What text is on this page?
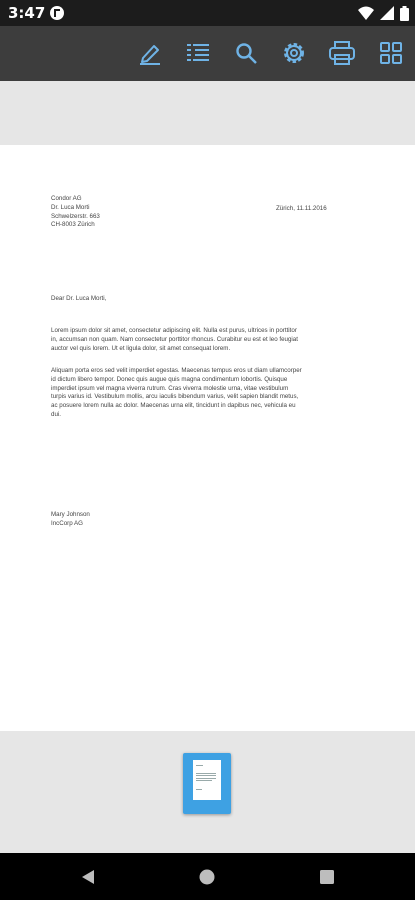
3:47
Condor AG
Dr. Luca Morti
Schwelzerstr. 663
CH-8003 Zürich
Zürich, 11.11.2016
Dear Dr. Luca Morti,
Lorem ipsum dolor sit amet, consectetur adipiscing elit. Nulla est purus, ultrices in porttitor
in, accumsan non quam. Nam consectetur porttitor rhoncus. Curabitur eu est et leo feugiat
auctor vel quis lorem. Ut et ligula dolor, sit amet consequat lorem.
Aliquam porta eros sed velit imperdiet egestas. Maecenas tempus eros ut diam ullamcorper
id dictum libero tempor. Donec quis augue quis magna condimentum lobortis. Quisque
imperdiet ipsum vel magna viverra rutrum. Cras viverra molestie urna, vitae vestibulum
turpis varius id. Vestibulum mollis, arcu iaculis bibendum varius, velit sapien blandit metus,
ac posuere lorem nulla ac dolor. Maecenas urna elit, tincidunt in dapibus nec, vehicula eu
dui.
Mary Johnson
IncCorp AG
